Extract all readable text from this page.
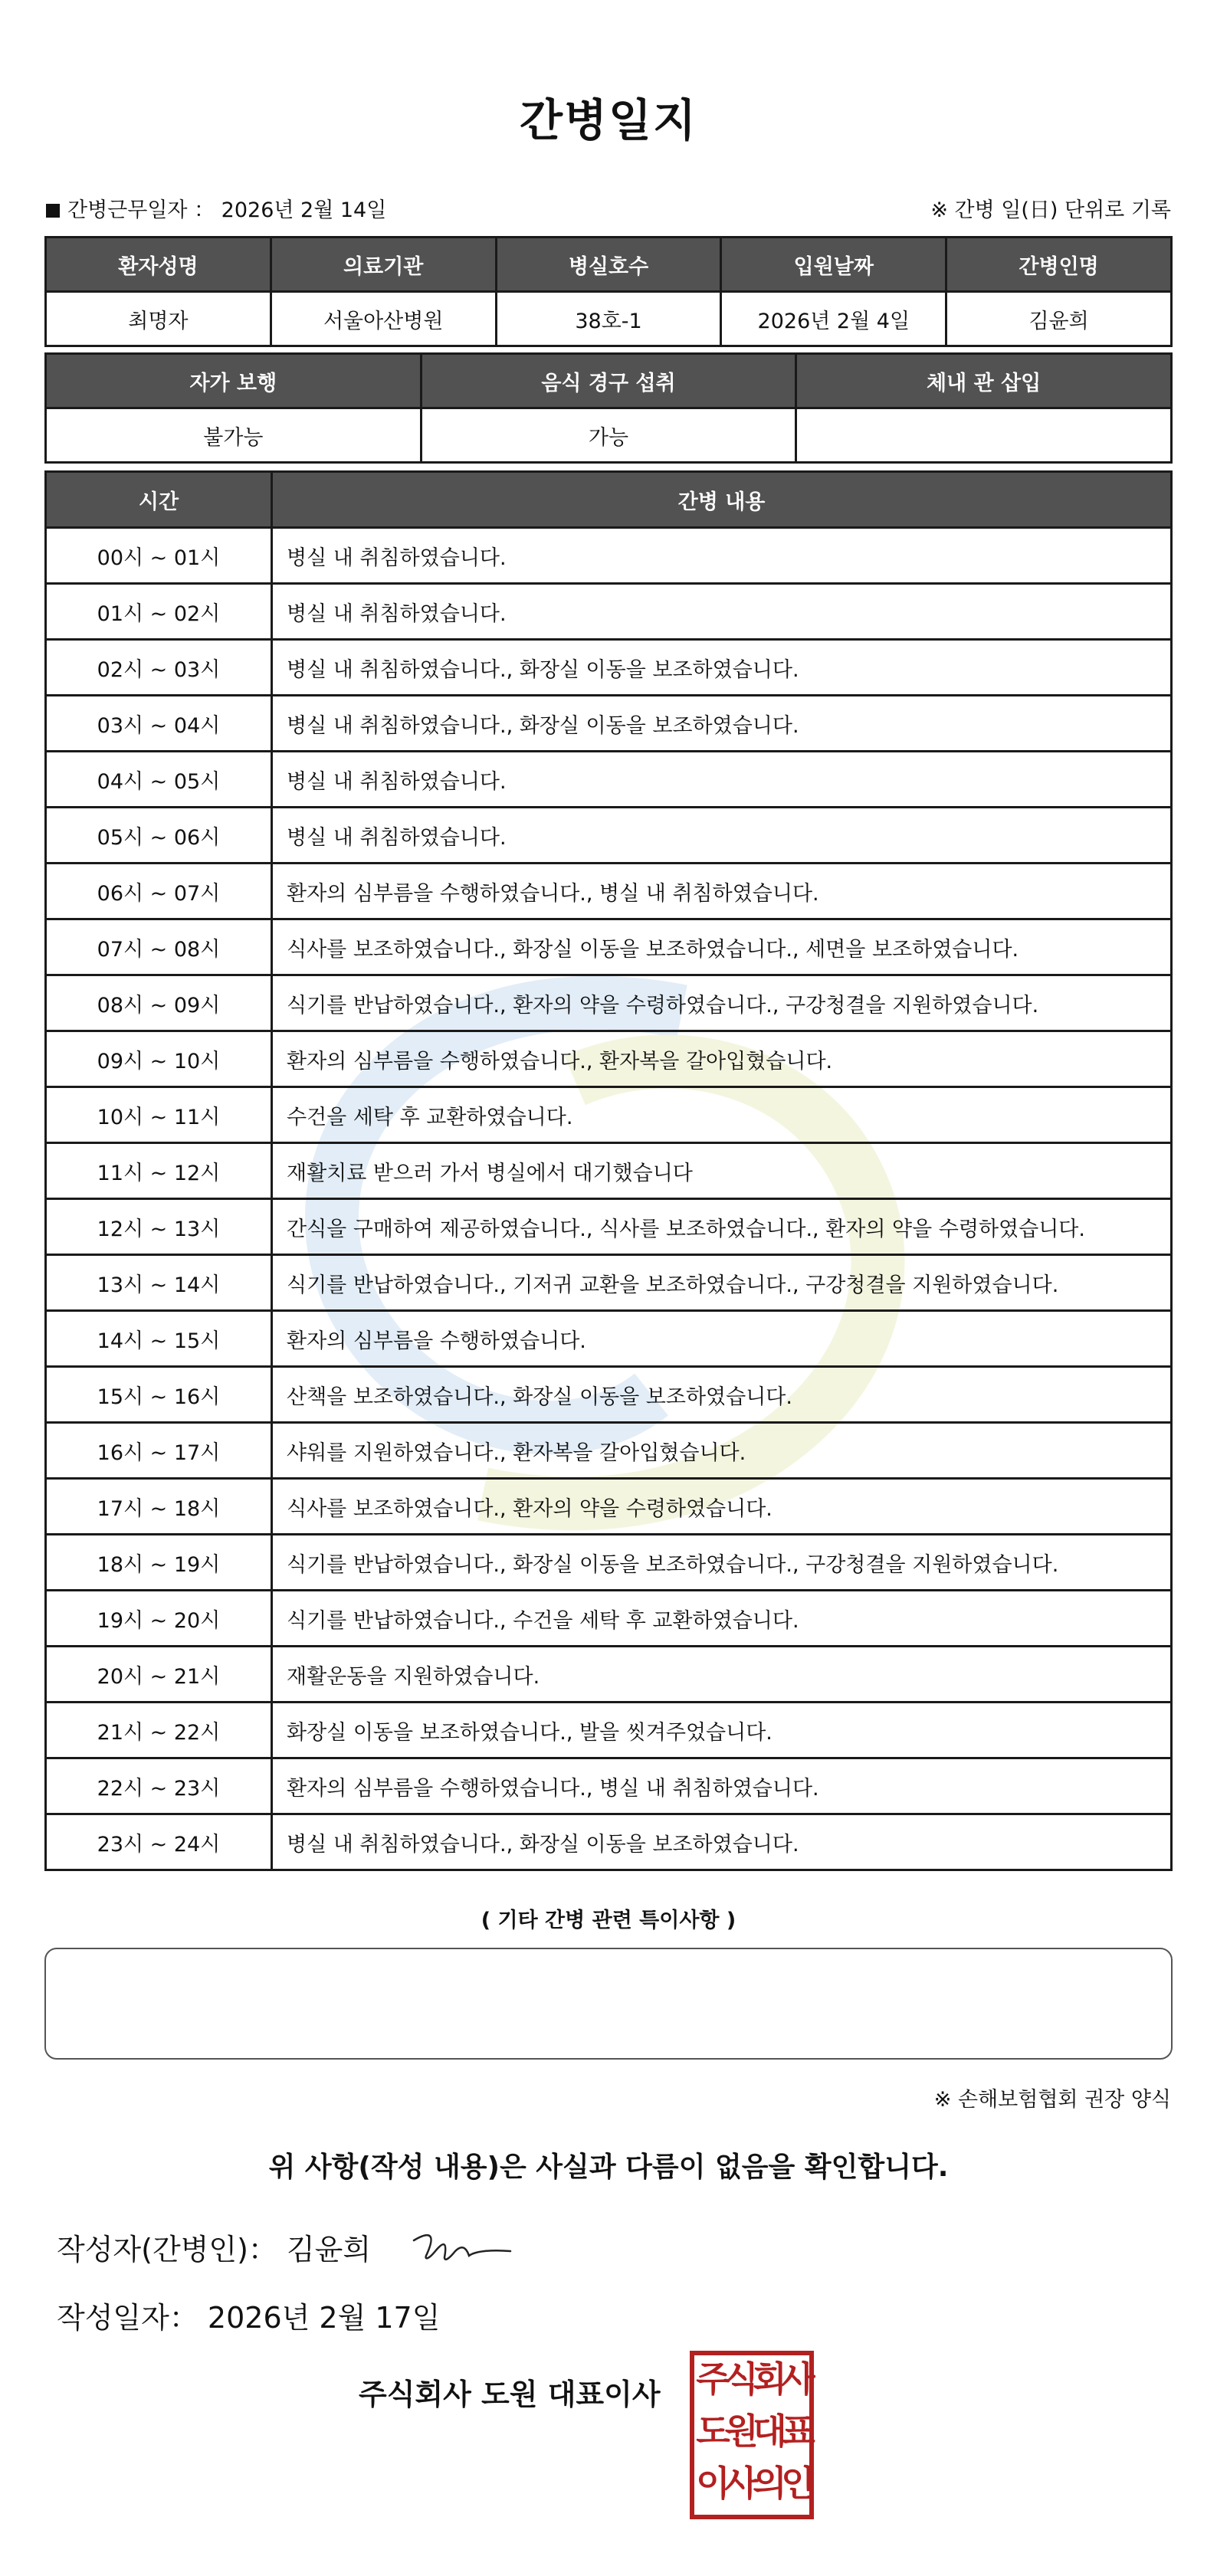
간병일지
간병근무일자 ： 2026년 2월 14일	※ 간병 일(日) 단위로 기록
환자성명	의료기관	병실호수	입원날짜	간병인명
최명자	서울아산병원	38호-1	2026년 2월 4일	김윤희
자가 보행	음식 경구 섭취	체내 관 삽입
불가능	가능	
시간	간병 내용
00시 ~ 01시	병실 내 취침하였습니다.
01시 ~ 02시	병실 내 취침하였습니다.
02시 ~ 03시	병실 내 취침하였습니다., 화장실 이동을 보조하였습니다.
03시 ~ 04시	병실 내 취침하였습니다., 화장실 이동을 보조하였습니다.
04시 ~ 05시	병실 내 취침하였습니다.
05시 ~ 06시	병실 내 취침하였습니다.
06시 ~ 07시	환자의 심부름을 수행하였습니다., 병실 내 취침하였습니다.
07시 ~ 08시	식사를 보조하였습니다., 화장실 이동을 보조하였습니다., 세면을 보조하였습니다.
08시 ~ 09시	식기를 반납하였습니다., 환자의 약을 수령하였습니다., 구강청결을 지원하였습니다.
09시 ~ 10시	환자의 심부름을 수행하였습니다., 환자복을 갈아입혔습니다.
10시 ~ 11시	수건을 세탁 후 교환하였습니다.
11시 ~ 12시	재활치료 받으러 가서 병실에서 대기했습니다
12시 ~ 13시	간식을 구매하여 제공하였습니다., 식사를 보조하였습니다., 환자의 약을 수령하였습니다.
13시 ~ 14시	식기를 반납하였습니다., 기저귀 교환을 보조하였습니다., 구강청결을 지원하였습니다.
14시 ~ 15시	환자의 심부름을 수행하였습니다.
15시 ~ 16시	산책을 보조하였습니다., 화장실 이동을 보조하였습니다.
16시 ~ 17시	샤워를 지원하였습니다., 환자복을 갈아입혔습니다.
17시 ~ 18시	식사를 보조하였습니다., 환자의 약을 수령하였습니다.
18시 ~ 19시	식기를 반납하였습니다., 화장실 이동을 보조하였습니다., 구강청결을 지원하였습니다.
19시 ~ 20시	식기를 반납하였습니다., 수건을 세탁 후 교환하였습니다.
20시 ~ 21시	재활운동을 지원하였습니다.
21시 ~ 22시	화장실 이동을 보조하였습니다., 발을 씻겨주었습니다.
22시 ~ 23시	환자의 심부름을 수행하였습니다., 병실 내 취침하였습니다.
23시 ~ 24시	병실 내 취침하였습니다., 화장실 이동을 보조하였습니다.
( 기타 간병 관련 특이사항 )
※ 손해보험협회 권장 양식
위 사항(작성 내용)은 사실과 다름이 없음을 확인합니다.
작성자(간병인)： 김윤희
작성일자： 2026년 2월 17일
주식회사 도원 대표이사 주
식
회
사
도
원
대
표
이
사
의
인
